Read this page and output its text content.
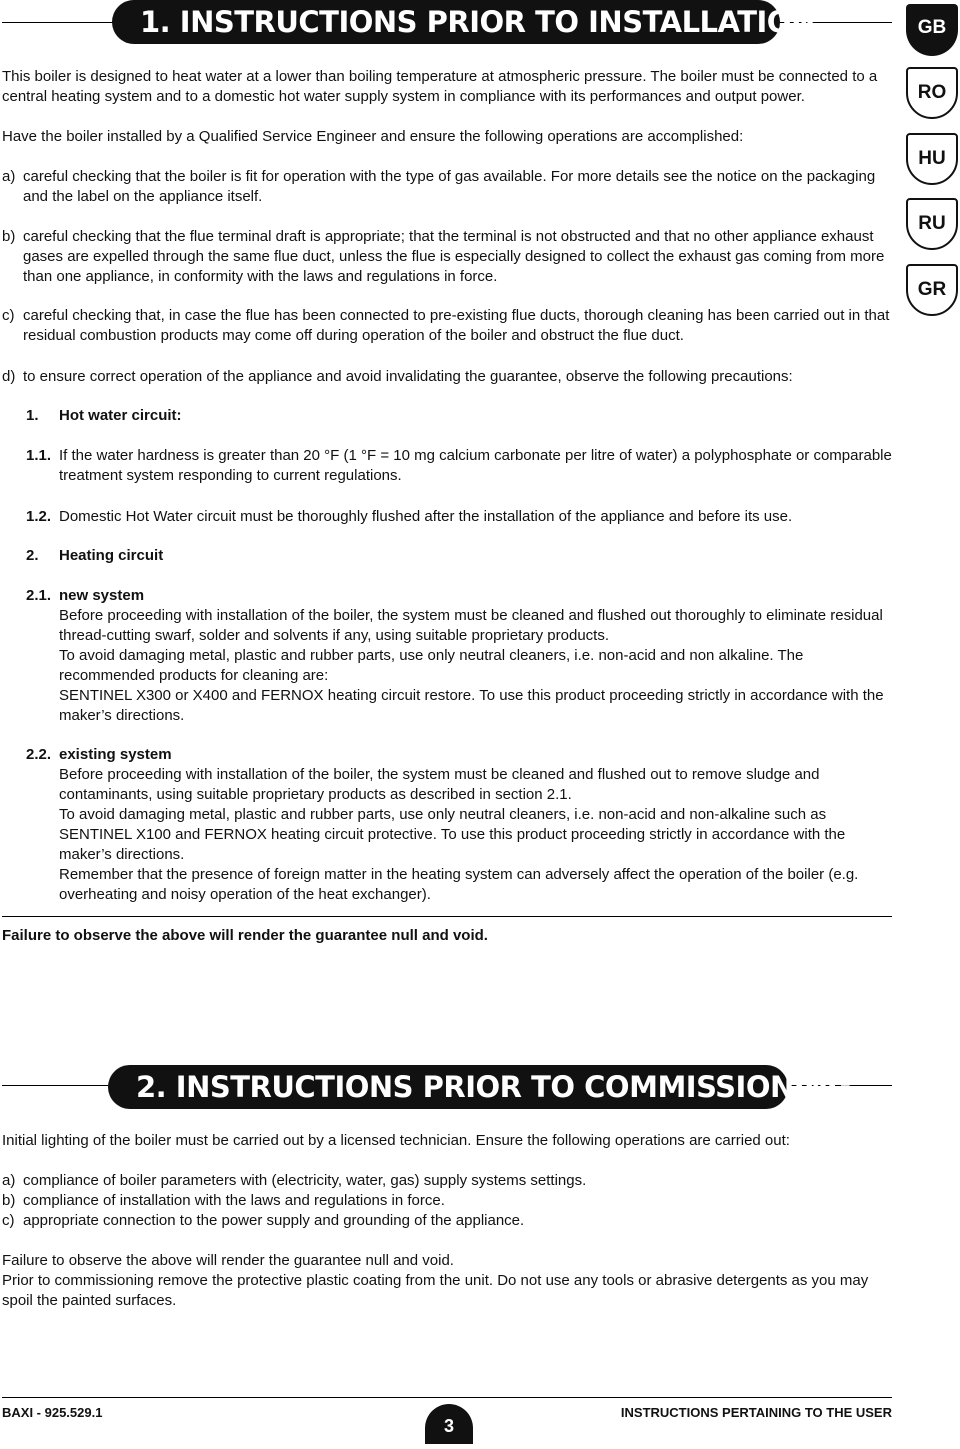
1. INSTRUCTIONS PRIOR TO INSTALLATION	GB
RO
HU
RU
GR

This boiler is designed to heat water at a lower than boiling temperature at atmospheric pressure. The boiler must be connected to a central heating system and to a domestic hot water supply system in compliance with its performances and output power.

Have the boiler installed by a Qualified Service Engineer and ensure the following operations are accomplished:

a) careful checking that the boiler is fit for operation with the type of gas available. For more details see the notice on the packaging and the label on the appliance itself.
b) careful checking that the flue terminal draft is appropriate; that the terminal is not obstructed and that no other appliance exhaust gases are expelled through the same flue duct, unless the flue is especially designed to collect the exhaust gas coming from more than one appliance, in conformity with the laws and regulations in force.
c) careful checking that, in case the flue has been connected to pre-existing flue ducts, thorough cleaning has been carried out in that residual combustion products may come off during operation of the boiler and obstruct the flue duct.
d) to ensure correct operation of the appliance and avoid invalidating the guarantee, observe the following precautions:
1. Hot water circuit:
1.1. If the water hardness is greater than 20 °F (1 °F = 10 mg calcium carbonate per litre of water) a polyphosphate or comparable treatment system responding to current regulations.
1.2. Domestic Hot Water circuit must be thoroughly flushed after the installation of the appliance and before its use.
2. Heating circuit
2.1. new system
Before proceeding with installation of the boiler, the system must be cleaned and flushed out thoroughly to eliminate residual thread-cutting swarf, solder and solvents if any, using suitable proprietary products.
To avoid damaging metal, plastic and rubber parts, use only neutral cleaners, i.e. non-acid and non alkaline. The recommended products for cleaning are:
SENTINEL X300 or X400 and FERNOX heating circuit restore. To use this product proceeding strictly in accordance with the maker’s directions.
2.2. existing system
Before proceeding with installation of the boiler, the system must be cleaned and flushed out to remove sludge and contaminants, using suitable proprietary products as described in section 2.1.
To avoid damaging metal, plastic and rubber parts, use only neutral cleaners, i.e. non-acid and non-alkaline such as SENTINEL X100 and FERNOX heating circuit protective. To use this product proceeding strictly in accordance with the maker’s directions.
Remember that the presence of foreign matter in the heating system can adversely affect the operation of the boiler (e.g. overheating and noisy operation of the heat exchanger).

Failure to observe the above will render the guarantee null and void.

2. INSTRUCTIONS PRIOR TO COMMISSIONING

Initial lighting of the boiler must be carried out by a licensed technician. Ensure the following operations are carried out:

a) compliance of boiler parameters with (electricity, water, gas) supply systems settings.
b) compliance of installation with the laws and regulations in force.
c) appropriate connection to the power supply and grounding of the appliance.

Failure to observe the above will render the guarantee null and void.

Prior to commissioning remove the protective plastic coating from the unit. Do not use any tools or abrasive detergents as you may spoil the painted surfaces.

BAXI - 925.529.1
3
INSTRUCTIONS PERTAINING TO THE USER
